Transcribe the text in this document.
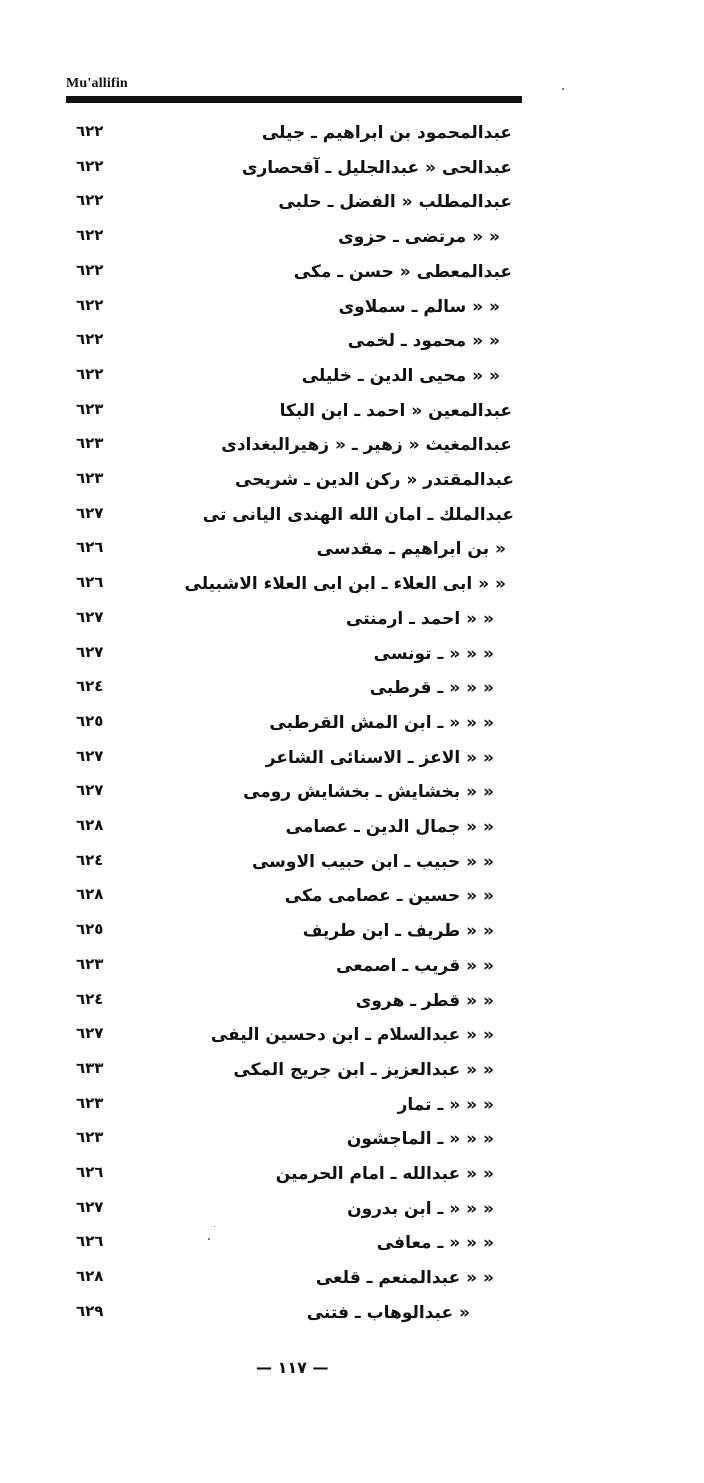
Mu'allifin
٦٢٢	عبدالمحمود بن ابراهيم ـ جيلى
٦٢٢	عبدالحى « عبدالجليل ـ آقحصارى
٦٢٢	عبدالمطلب « الفضل ـ حلبى
٦٢٢	« « مرتضى ـ حزوى
٦٢٢	عبدالمعطى « حسن ـ مكى
٦٢٢	« « سالم ـ سملاوى
٦٢٢	« « محمود ـ لخمى
٦٢٢	« « محيى الدين ـ خليلى
٦٢٣	عبدالمعين « احمد ـ ابن البكا
٦٢٣	عبدالمغيث « زهير ـ « زهيرالبغدادى
٦٢٣	عبدالمقتدر « ركن الدين ـ شريحى
٦٢٧	عبدالملك ـ امان الله الهندى اليانى تى
٦٢٦	« بن ابراهيم ـ مقدسى
٦٢٦	« « ابى العلاء ـ ابن ابى العلاء الاشبيلى
٦٢٧	« « احمد ـ ارمنتى
٦٢٧	« « « ـ تونسى
٦٢٤	« « « ـ قرطبى
٦٢٥	« « « ـ ابن المش القرطبى
٦٢٧	« « الاعز ـ الاسنائى الشاعر
٦٢٧	« « بخشايش ـ بخشايش رومى
٦٢٨	« « جمال الدين ـ عصامى
٦٢٤	« « حبيب ـ ابن حبيب الاوسى
٦٢٨	« « حسين ـ عصامى مكى
٦٢٥	« « طريف ـ ابن طريف
٦٢٣	« « قريب ـ اصمعى
٦٢٤	« « قطر ـ هروى
٦٢٧	« « عبدالسلام ـ ابن دحسين اليفى
٦٣٣	« « عبدالعزيز ـ ابن جريج المكى
٦٢٣	« « « ـ تمار
٦٢٣	« « « ـ الماجشون
٦٢٦	« « عبدالله ـ امام الحرمين
٦٢٧	« « « ـ ابن بدرون
٦٢٦	« « « ـ معافى
٦٢٨	« « عبدالمنعم ـ قلعى
٦٢٩	« عبدالوهاب ـ فتنى
— ١١٧ —
